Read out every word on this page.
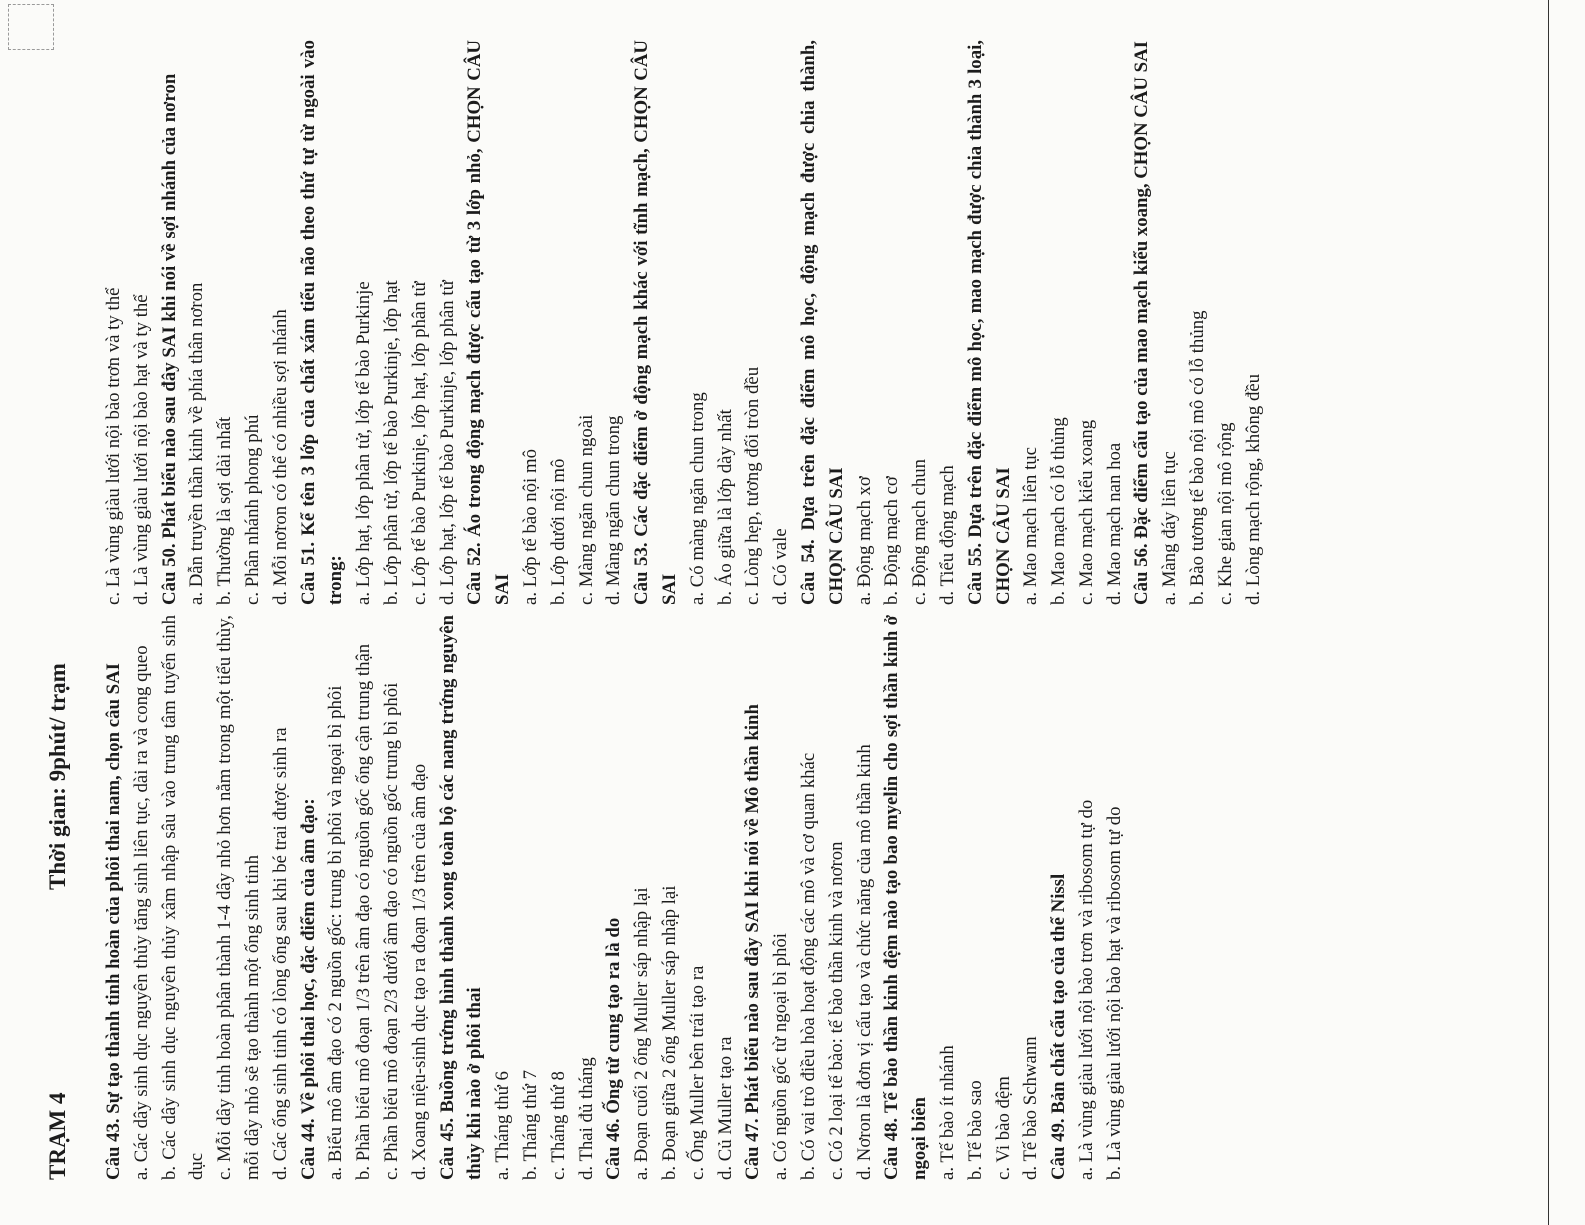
TRẠM 4Thời gian: 9phút/ trạm	Câu 43. Sự tạo thành tinh hoàn của phôi thai nam, chọn câu SAI a. Các dây sinh dục nguyên thủy tăng sinh liên tục, dài ra và cong queo b. Các dây sinh dục nguyên thủy xâm nhập sâu vào trung tâm tuyến sinh dục c. Mỗi dây tinh hoàn phân thành 1-4 dây nhỏ hơn nằm trong một tiểu thùy, mỗi dây nhỏ sẽ tạo thành một ống sinh tinh d. Các ống sinh tinh có lòng ống sau khi bé trai được sinh ra Câu 44. Về phôi thai học, đặc điểm của âm đạo: a. Biểu mô âm đạo có 2 nguồn gốc: trung bì phôi và ngoại bì phôi b. Phần biểu mô đoạn 1/3 trên âm đạo có nguồn gốc ống cận trung thận c. Phần biểu mô đoạn 2/3 dưới âm đạo có nguồn gốc trung bì phôi d. Xoang niệu-sinh dục tạo ra đoạn 1/3 trên của âm đạo Câu 45. Buồng trứng hình thành xong toàn bộ các nang trứng nguyên thủy khi nào ở phôi thai a. Tháng thứ 6 b. Tháng thứ 7 c. Tháng thứ 8 d. Thai đủ tháng Câu 46. Ống tử cung tạo ra là do a. Đoạn cuối 2 ống Muller sáp nhập lại b. Đoạn giữa 2 ống Muller sáp nhập lại c. Ống Muller bên trái tạo ra d. Củ Muller tạo ra Câu 47. Phát biểu nào sau đây SAI khi nói về Mô thần kinh a. Có nguồn gốc từ ngoại bì phôi b. Có vai trò điều hòa hoạt động các mô và cơ quan khác c. Có 2 loại tế bào: tế bào thần kinh và nơron d. Nơron là đơn vị cấu tạo và chức năng của mô thần kinh Câu 48. Tế bào thần kinh đệm nào tạo bao myelin cho sợi thần kinh ở ngoại biên a. Tế bào ít nhánh b. Tế bào sao c. Vi bào đệm d. Tế bào Schwann Câu 49. Bản chất cấu tạo của thể Nissl a. Là vùng giàu lưới nội bào trơn và ribosom tự do b. Là vùng giàu lưới nội bào hạt và ribosom tự do
c. Là vùng giàu lưới nội bào trơn và ty thể d. Là vùng giàu lưới nội bào hạt và ty thể Câu 50. Phát biểu nào sau đây SAI khi nói về sợi nhánh của nơron a. Dẫn truyền thần kinh về phía thân nơron b. Thường là sợi dài nhất c. Phân nhánh phong phú d. Mỗi nơron có thể có nhiều sợi nhánh Câu 51. Kể tên 3 lớp của chất xám tiểu não theo thứ tự từ ngoài vào trong: a. Lớp hạt, lớp phân tử, lớp tế bào Purkinje b. Lớp phân tử, lớp tế bào Purkinje, lớp hạt c. Lớp tế bào Purkinje, lớp hạt, lớp phân tử d. Lớp hạt, lớp tế bào Purkinje, lớp phân tử Câu 52. Áo trong động mạch được cấu tạo từ 3 lớp nhỏ, CHỌN CÂU SAI a. Lớp tế bào nội mô b. Lớp dưới nội mô c. Màng ngăn chun ngoài d. Màng ngăn chun trong Câu 53. Các đặc điểm ở động mạch khác với tĩnh mạch, CHỌN CÂU SAI a. Có màng ngăn chun trong b. Áo giữa là lớp dày nhất c. Lòng hẹp, tương đối tròn đều d. Có vale Câu 54. Dựa trên đặc điểm mô học, động mạch được chia thành, CHỌN CÂU SAI a. Động mạch xơ b. Động mạch cơ c. Động mạch chun d. Tiểu động mạch Câu 55. Dựa trên đặc điểm mô học, mao mạch được chia thành 3 loại, CHỌN CÂU SAI a. Mao mạch liên tục b. Mao mạch có lỗ thủng c. Mao mạch kiểu xoang d. Mao mạch nan hoa Câu 56. Đặc điểm cấu tạo của mao mạch kiểu xoang, CHỌN CÂU SAI a. Màng đáy liên tục b. Bào tương tế bào nội mô có lỗ thủng c. Khe gian nội mô rộng d. Lòng mạch rộng, không đều
